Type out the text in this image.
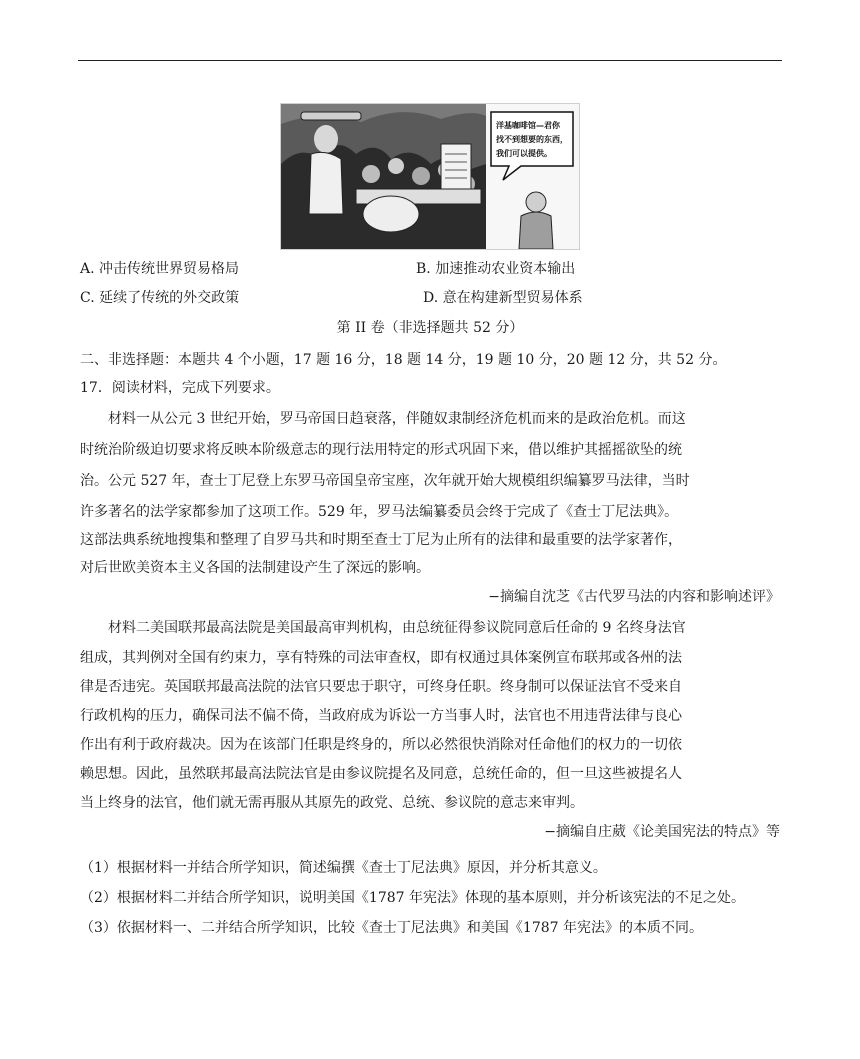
洋基咖啡馆—君你
找不到想要的东西，
我们可以提供。
A. 冲击传统世界贸易格局	B. 加速推动农业资本输出
C. 延续了传统的外交政策	D. 意在构建新型贸易体系
第 II 卷（非选择题共 52 分）
二、非选择题：本题共 4 个小题，17 题 16 分，18 题 14 分，19 题 10 分，20 题 12 分，共 52 分。
17．阅读材料，完成下列要求。
材料一从公元 3 世纪开始，罗马帝国日趋衰落，伴随奴隶制经济危机而来的是政治危机。而这
时统治阶级迫切要求将反映本阶级意志的现行法用特定的形式巩固下来，借以维护其摇摇欲坠的统
治。公元 527 年，查士丁尼登上东罗马帝国皇帝宝座，次年就开始大规模组织编纂罗马法律，当时
许多著名的法学家都参加了这项工作。529 年，罗马法编纂委员会终于完成了《查士丁尼法典》。
这部法典系统地搜集和整理了自罗马共和时期至查士丁尼为止所有的法律和最重要的法学家著作，
对后世欧美资本主义各国的法制建设产生了深远的影响。
−摘编自沈芝《古代罗马法的内容和影响述评》
材料二美国联邦最高法院是美国最高审判机构，由总统征得参议院同意后任命的 9 名终身法官
组成，其判例对全国有约束力，享有特殊的司法审查权，即有权通过具体案例宣布联邦或各州的法
律是否违宪。英国联邦最高法院的法官只要忠于职守，可终身任职。终身制可以保证法官不受来自
行政机构的压力，确保司法不偏不倚，当政府成为诉讼一方当事人时，法官也不用违背法律与良心
作出有利于政府裁决。因为在该部门任职是终身的，所以必然很快消除对任命他们的权力的一切依
赖思想。因此，虽然联邦最高法院法官是由参议院提名及同意，总统任命的，但一旦这些被提名人
当上终身的法官，他们就无需再服从其原先的政党、总统、参议院的意志来审判。
−摘编自庄葳《论美国宪法的特点》等
（1）根据材料一并结合所学知识，简述编撰《查士丁尼法典》原因，并分析其意义。
（2）根据材料二并结合所学知识，说明美国《1787 年宪法》体现的基本原则，并分析该宪法的不足之处。
（3）依据材料一、二并结合所学知识，比较《查士丁尼法典》和美国《1787 年宪法》的本质不同。
